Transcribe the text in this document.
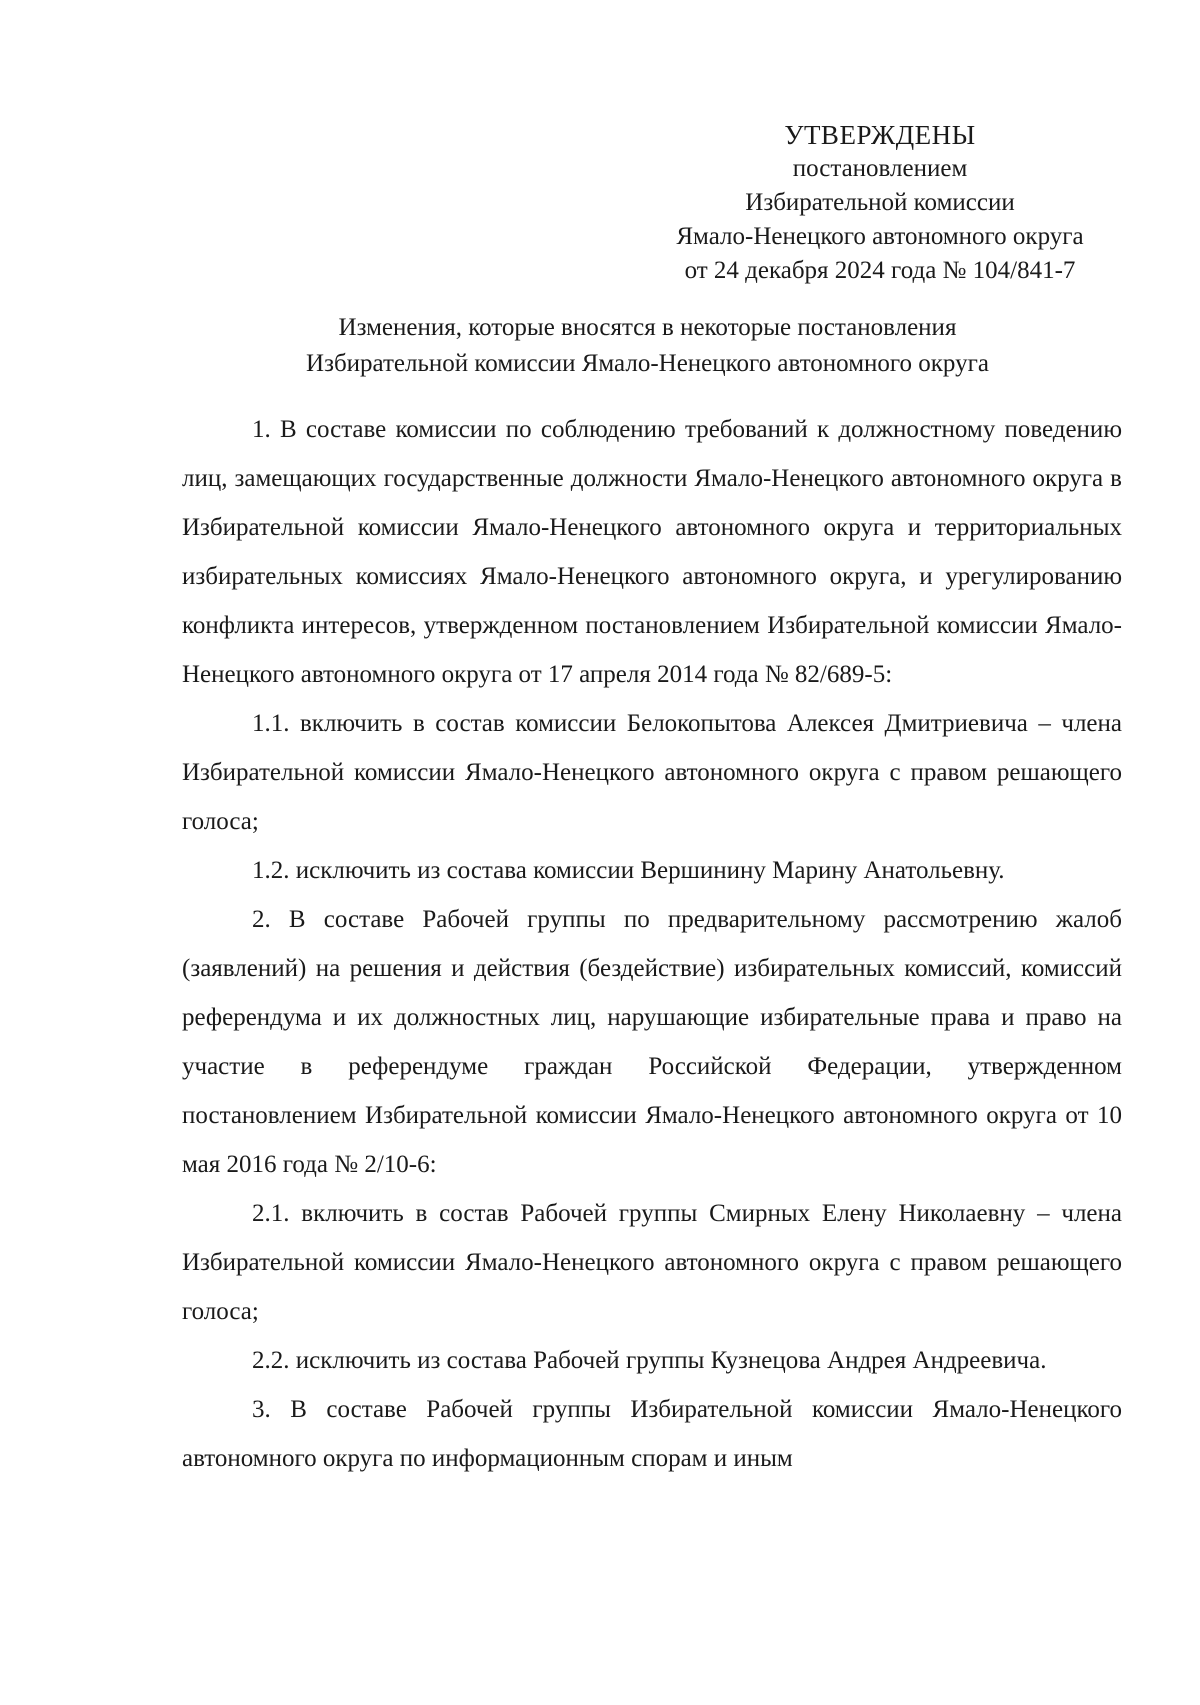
УТВЕРЖДЕНЫ
постановлением
Избирательной комиссии
Ямало-Ненецкого автономного округа
от 24 декабря 2024 года № 104/841-7
Изменения, которые вносятся в некоторые постановления
Избирательной комиссии Ямало-Ненецкого автономного округа

1. В составе комиссии по соблюдению требований к должностному поведению лиц, замещающих государственные должности Ямало-Ненецкого автономного округа в Избирательной комиссии Ямало-Ненецкого автономного округа и территориальных избирательных комиссиях Ямало-Ненецкого автономного округа, и урегулированию конфликта интересов, утвержденном постановлением Избирательной комиссии Ямало-Ненецкого автономного округа от 17 апреля 2014 года № 82/689-5:

1.1. включить в состав комиссии Белокопытова Алексея Дмитриевича – члена Избирательной комиссии Ямало-Ненецкого автономного округа с правом решающего голоса;

1.2. исключить из состава комиссии Вершинину Марину Анатольевну.

2. В составе Рабочей группы по предварительному рассмотрению жалоб (заявлений) на решения и действия (бездействие) избирательных комиссий, комиссий референдума и их должностных лиц, нарушающие избирательные права и право на участие в референдуме граждан Российской Федерации, утвержденном постановлением Избирательной комиссии Ямало-Ненецкого автономного округа от 10 мая 2016 года № 2/10-6:

2.1. включить в состав Рабочей группы Смирных Елену Николаевну – члена Избирательной комиссии Ямало-Ненецкого автономного округа с правом решающего голоса;

2.2. исключить из состава Рабочей группы Кузнецова Андрея Андреевича.

3. В составе Рабочей группы Избирательной комиссии Ямало-Ненецкого автономного округа по информационным спорам и иным
